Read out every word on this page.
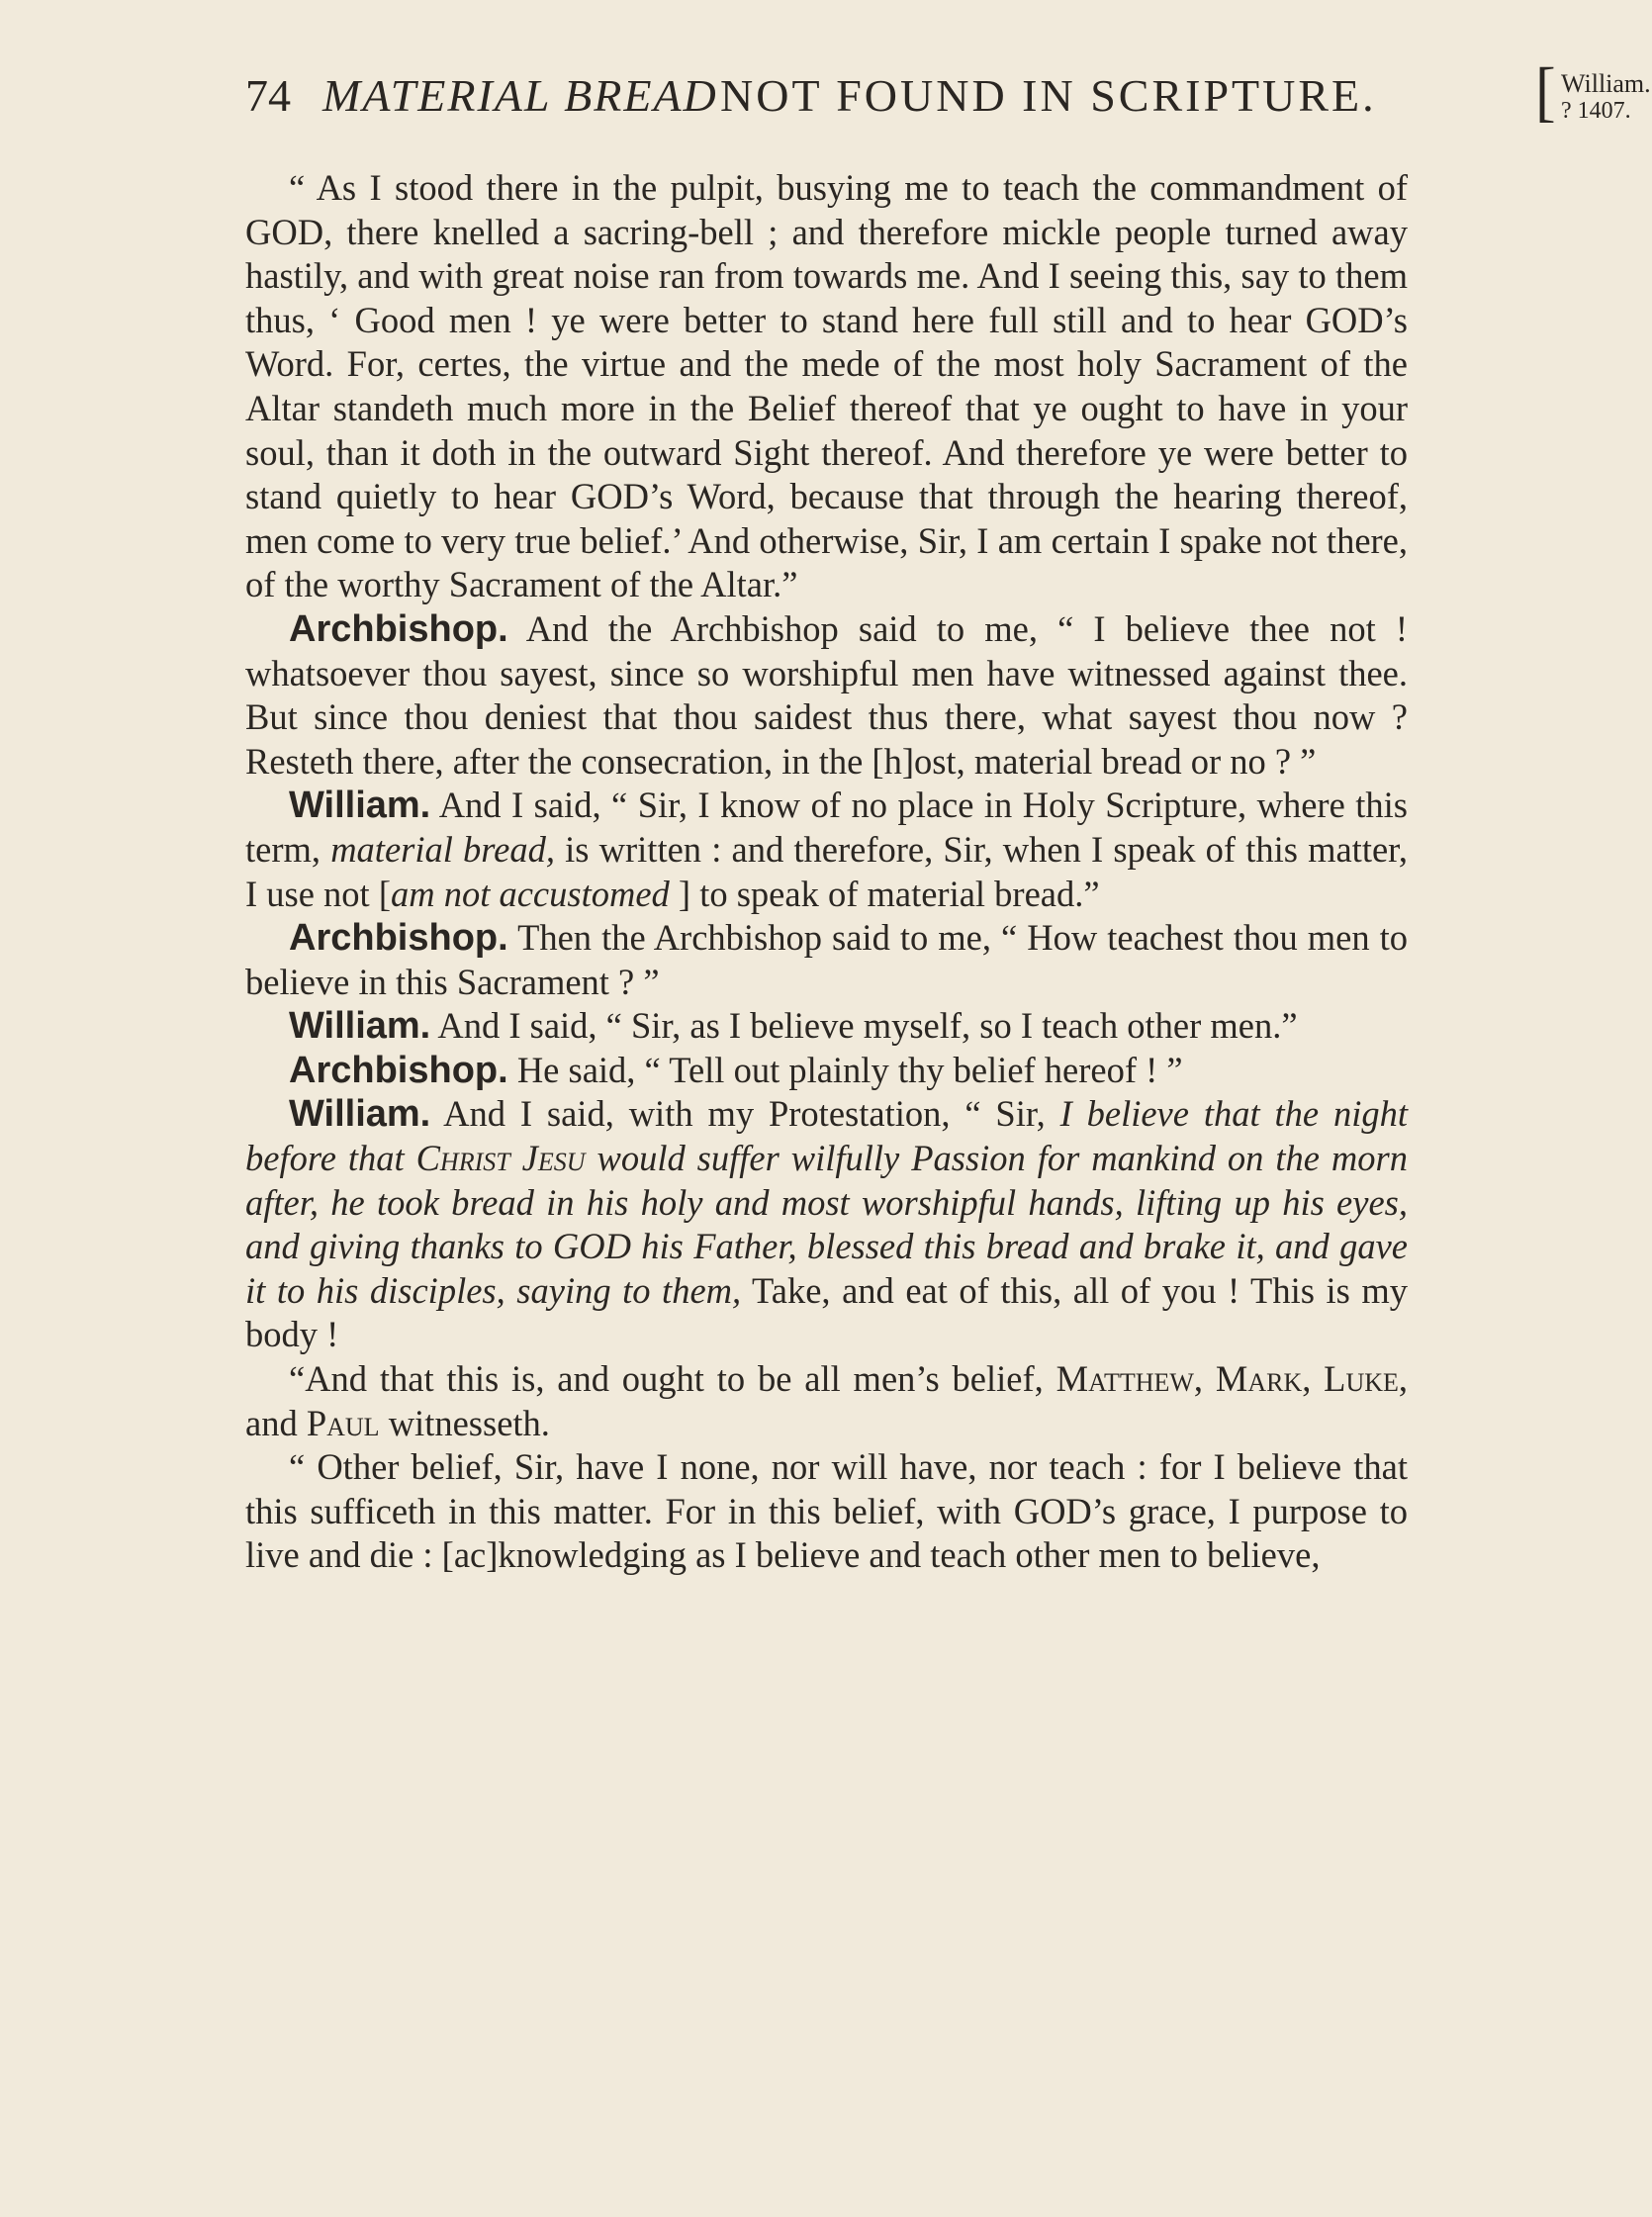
74 MATERIAL BREAD NOT FOUND IN SCRIPTURE.	[ William.
? 1407.

“ As I stood there in the pulpit, busying me to teach the commandment of GOD, there knelled a sacring-bell ; and therefore mickle people turned away hastily, and with great noise ran from towards me. And I seeing this, say to them thus, ‘ Good men ! ye were better to stand here full still and to hear GOD’s Word. For, certes, the virtue and the mede of the most holy Sacrament of the Altar standeth much more in the Belief thereof that ye ought to have in your soul, than it doth in the outward Sight thereof. And therefore ye were better to stand quietly to hear GOD’s Word, because that through the hearing thereof, men come to very true belief.’ And otherwise, Sir, I am certain I spake not there, of the worthy Sacrament of the Altar.”

Archbishop. And the Archbishop said to me, “ I believe thee not ! whatsoever thou sayest, since so worshipful men have witnessed against thee. But since thou deniest that thou saidest thus there, what sayest thou now ? Resteth there, after the consecration, in the [h]ost, material bread or no ? ”

William. And I said, “ Sir, I know of no place in Holy Scripture, where this term, material bread, is written : and therefore, Sir, when I speak of this matter, I use not [am not accustomed ] to speak of material bread.”

Archbishop. Then the Archbishop said to me, “ How teachest thou men to believe in this Sacrament ? ”

William. And I said, “ Sir, as I believe myself, so I teach other men.”

Archbishop. He said, “ Tell out plainly thy belief hereof ! ”

William. And I said, with my Protestation, “ Sir, I believe that the night before that Christ Jesu would suffer wilfully Passion for mankind on the morn after, he took bread in his holy and most worshipful hands, lifting up his eyes, and giving thanks to GOD his Father, blessed this bread and brake it, and gave it to his disciples, saying to them, Take, and eat of this, all of you ! This is my body !

“And that this is, and ought to be all men’s belief, Matthew, Mark, Luke, and Paul witnesseth.

“ Other belief, Sir, have I none, nor will have, nor teach : for I believe that this sufficeth in this matter. For in this belief, with GOD’s grace, I purpose to live and die : [ac]knowledging as I believe and teach other men to believe,
